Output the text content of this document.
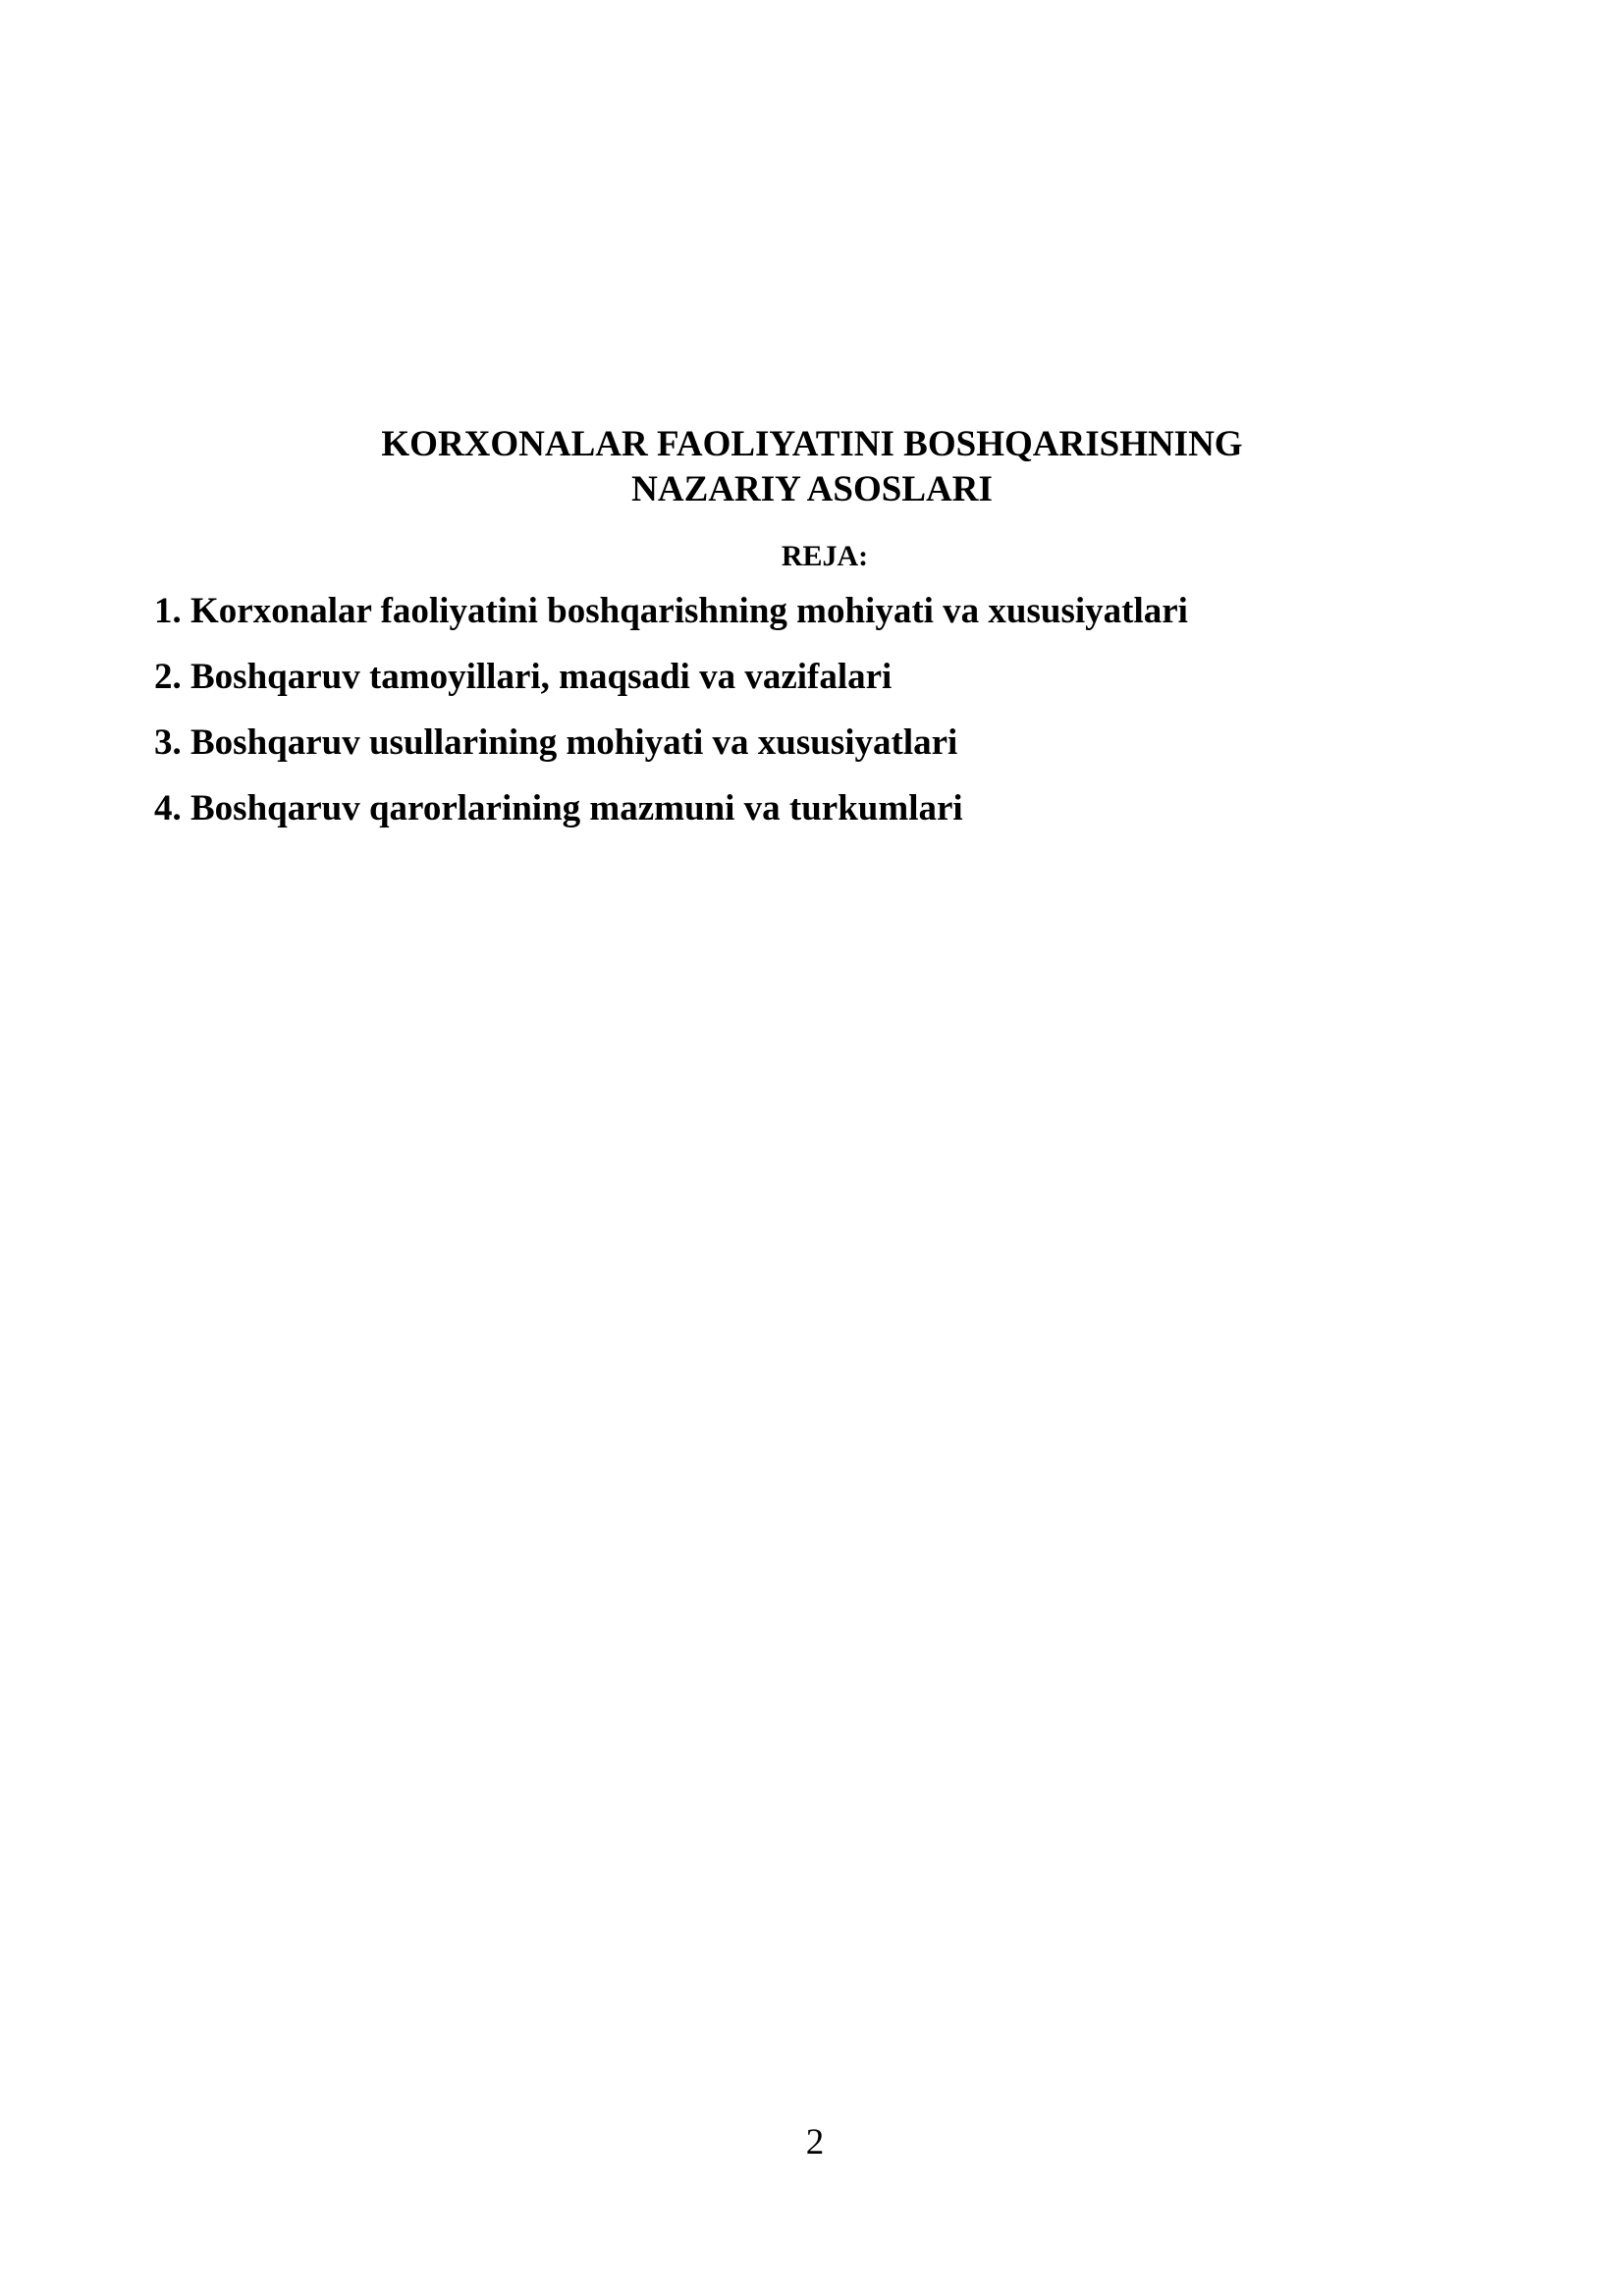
KORXONALAR FAOLIYATINI BOSHQARISHNING
NAZARIY ASOSLARI
REJA:
1. Korxonalar faoliyatini boshqarishning mohiyati va xususiyatlari
2. Boshqaruv tamoyillari, maqsadi va vazifalari
3. Boshqaruv usullarining mohiyati va xususiyatlari
4. Boshqaruv qarorlarining mazmuni va turkumlari
2
